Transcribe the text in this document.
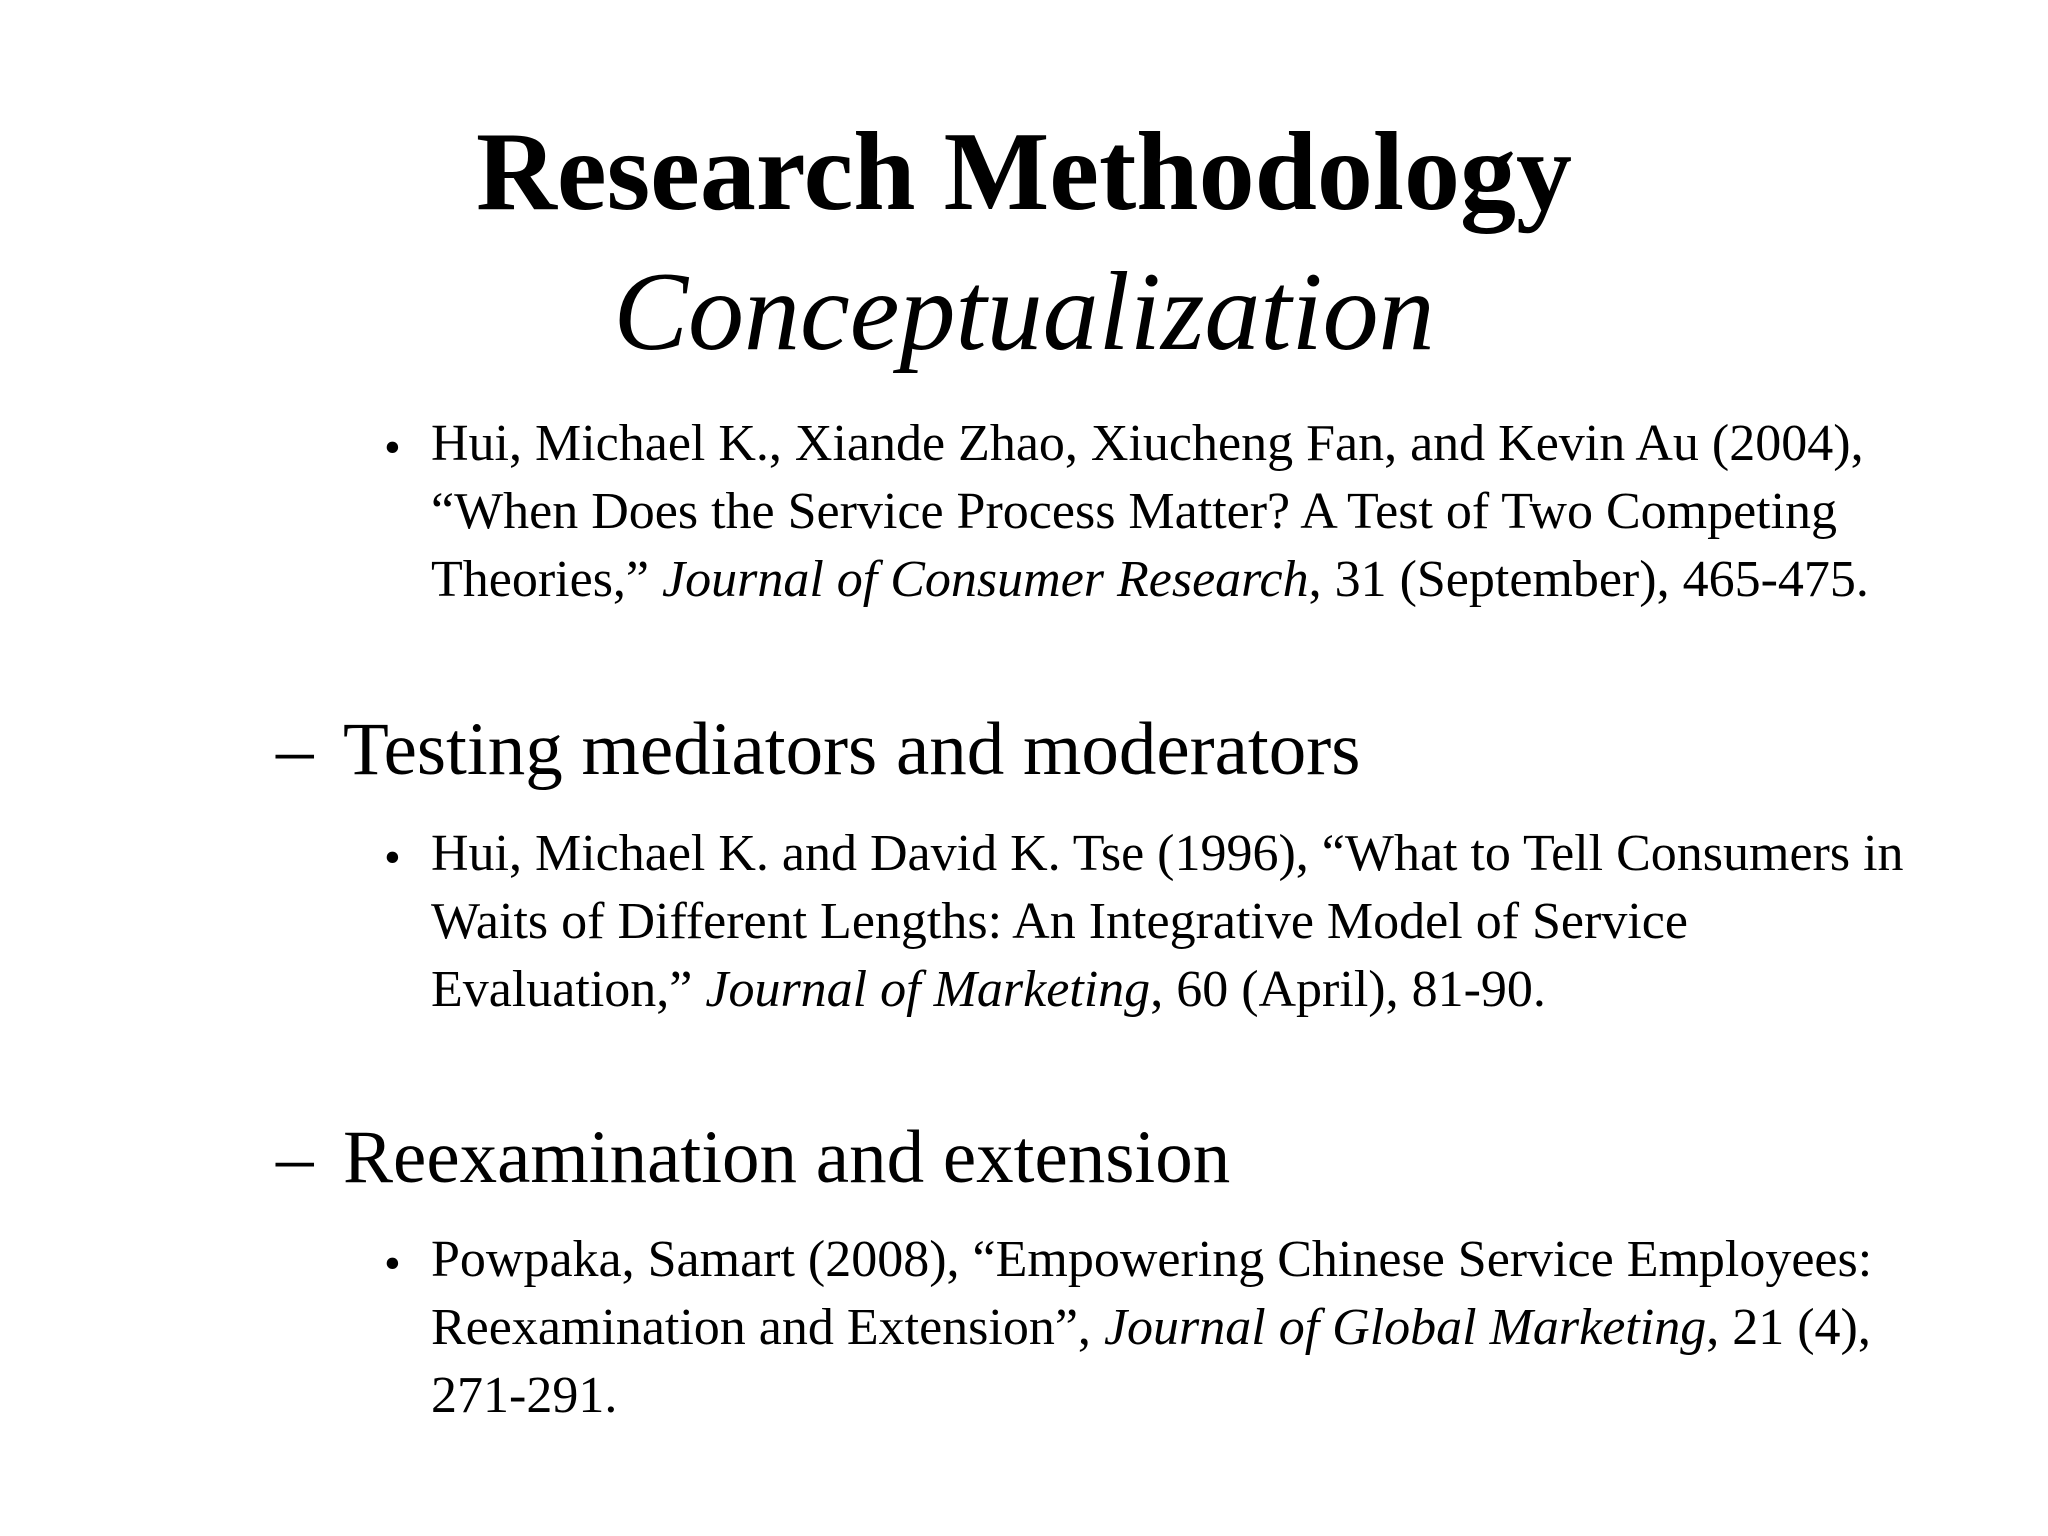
Research Methodology
Conceptualization
• Hui, Michael K., Xiande Zhao, Xiucheng Fan, and Kevin Au (2004), “When Does the Service Process Matter? A Test of Two Competing Theories,” Journal of Consumer Research, 31 (September), 465-475.
– Testing mediators and moderators
• Hui, Michael K. and David K. Tse (1996), “What to Tell Consumers in Waits of Different Lengths: An Integrative Model of Service Evaluation,” Journal of Marketing, 60 (April), 81-90.
– Reexamination and extension
• Powpaka, Samart (2008), “Empowering Chinese Service Employees: Reexamination and Extension”, Journal of Global Marketing, 21 (4), 271-291.
